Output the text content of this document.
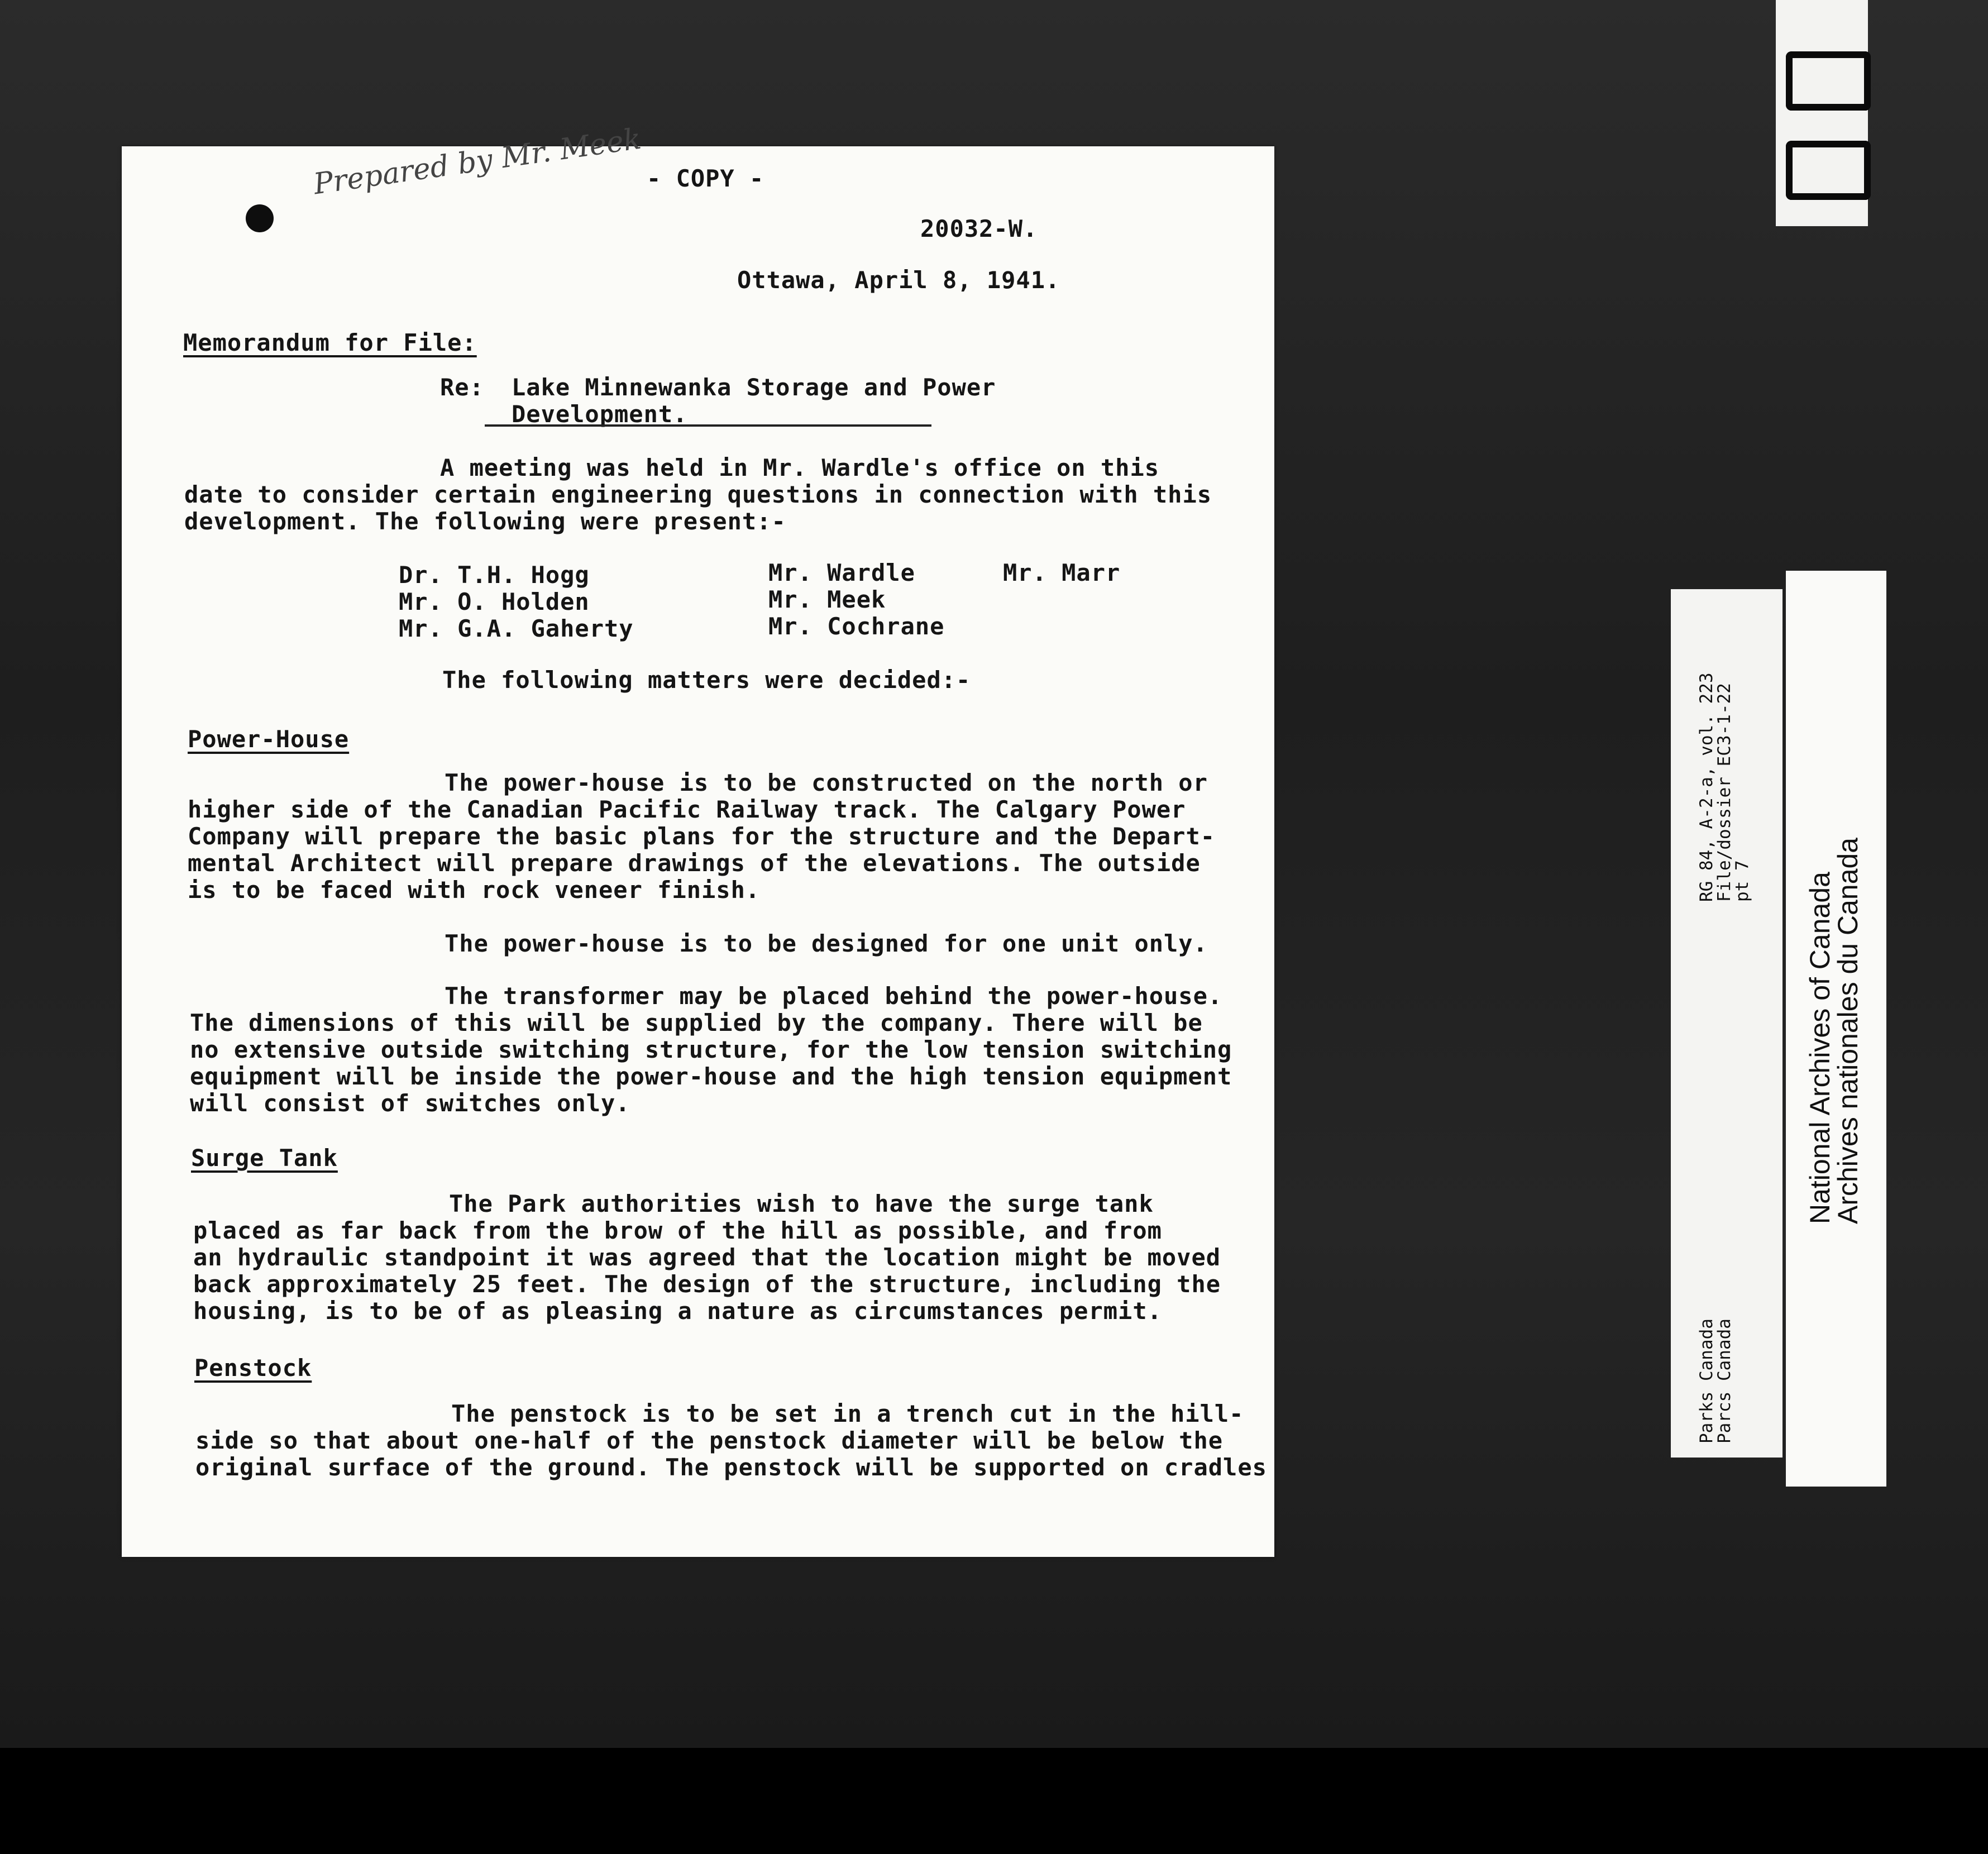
Prepared by Mr. Meek - COPY -
20032-W.
Ottawa, April 8, 1941.
Memorandum for File:
Re: Lake Minnewanka Storage and Power
Development.
A meeting was held in Mr. Wardle's office on this
date to consider certain engineering questions in connection with this
development. The following were present:-
Dr. T.H. Hogg
Mr. O. Holden
Mr. G.A. Gaherty
Mr. Wardle
Mr. Meek
Mr. Cochrane
Mr. Marr
The following matters were decided:-
Power-House
The power-house is to be constructed on the north or
higher side of the Canadian Pacific Railway track. The Calgary Power
Company will prepare the basic plans for the structure and the Depart-
mental Architect will prepare drawings of the elevations. The outside
is to be faced with rock veneer finish.
The power-house is to be designed for one unit only.
The transformer may be placed behind the power-house.
The dimensions of this will be supplied by the company. There will be
no extensive outside switching structure, for the low tension switching
equipment will be inside the power-house and the high tension equipment
will consist of switches only.
Surge Tank
The Park authorities wish to have the surge tank
placed as far back from the brow of the hill as possible, and from
an hydraulic standpoint it was agreed that the location might be moved
back approximately 25 feet. The design of the structure, including the
housing, is to be of as pleasing a nature as circumstances permit.
Penstock
The penstock is to be set in a trench cut in the hill-
side so that about one-half of the penstock diameter will be below the
original surface of the ground. The penstock will be supported on cradles
RG 84, A-2-a, vol. 223
File/dossier EC3-1-22
pt 7
Parks Canada
Parcs Canada
National Archives of Canada
Archives nationales du Canada
